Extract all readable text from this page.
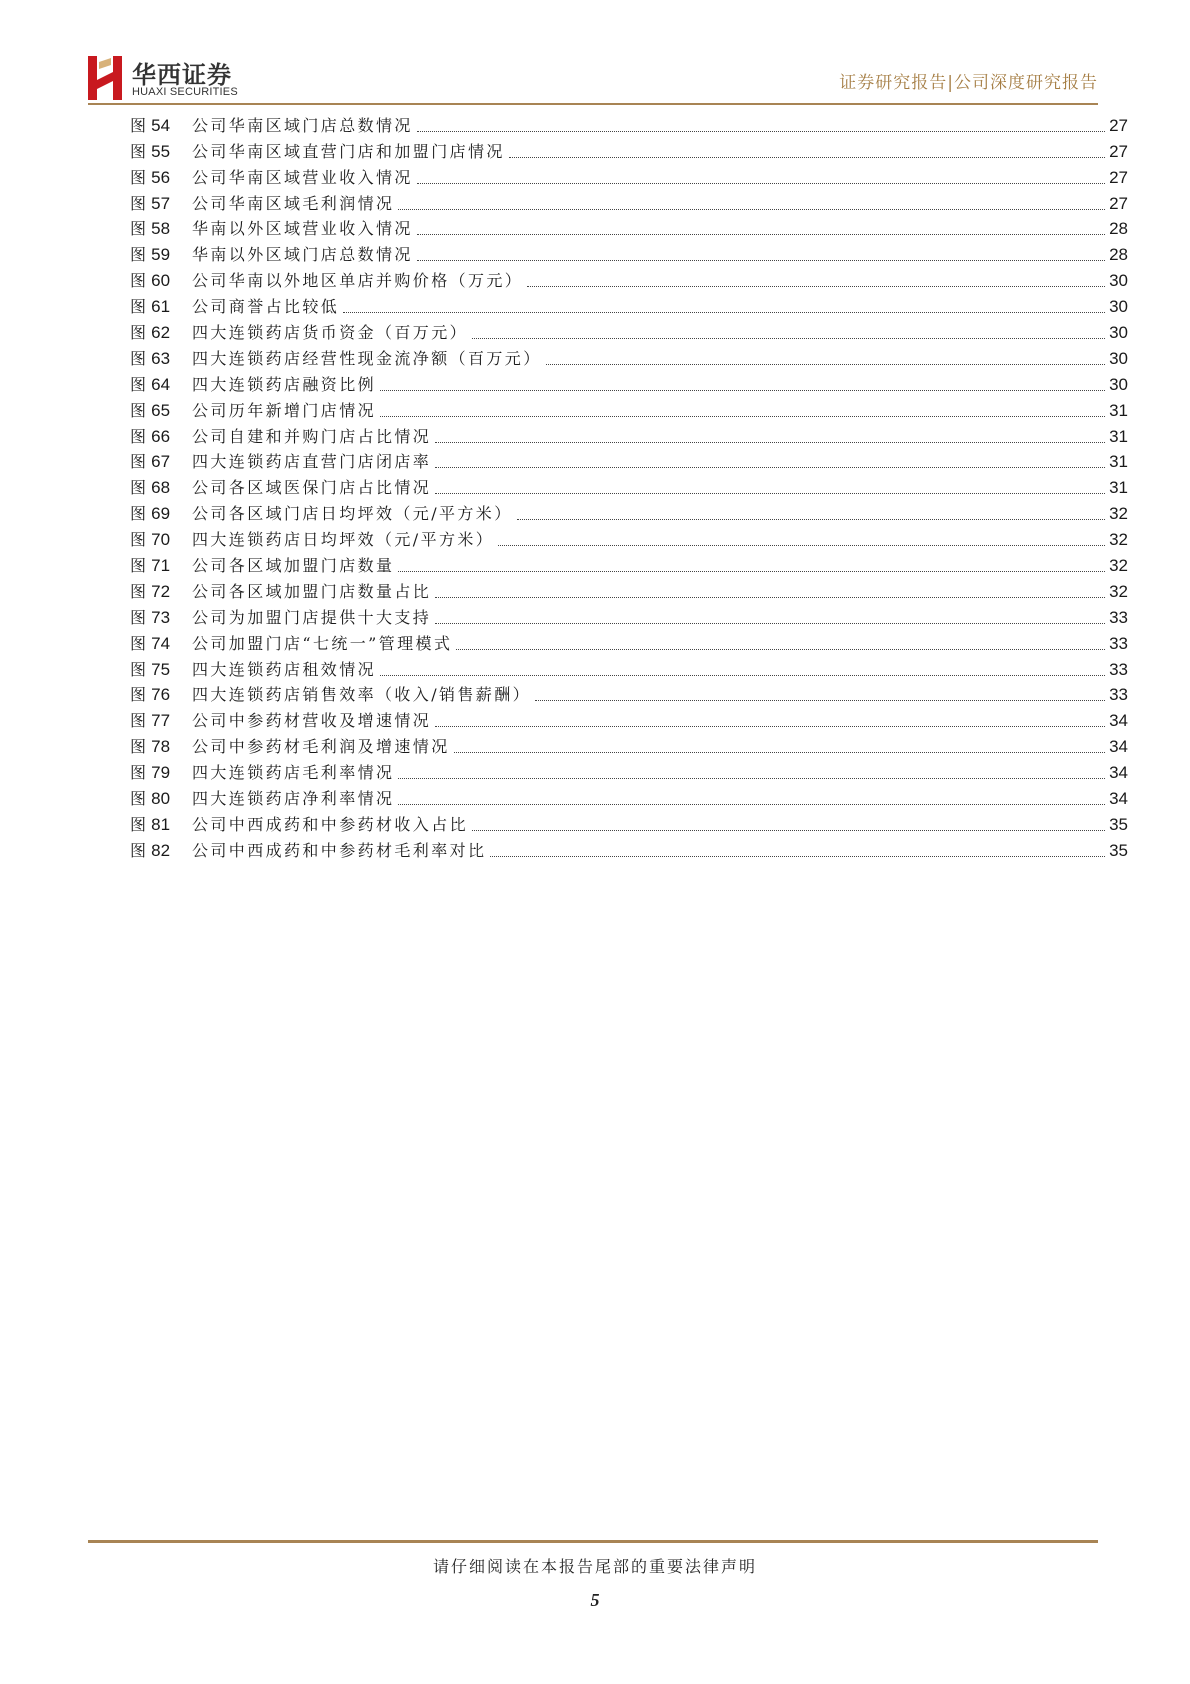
华西证券
HUAXI SECURITIES	证券研究报告|公司深度研究报告
图 54	公司华南区域门店总数情况	27
图 55	公司华南区域直营门店和加盟门店情况	27
图 56	公司华南区域营业收入情况	27
图 57	公司华南区域毛利润情况	27
图 58	华南以外区域营业收入情况	28
图 59	华南以外区域门店总数情况	28
图 60	公司华南以外地区单店并购价格（万元）	30
图 61	公司商誉占比较低	30
图 62	四大连锁药店货币资金（百万元）	30
图 63	四大连锁药店经营性现金流净额（百万元）	30
图 64	四大连锁药店融资比例	30
图 65	公司历年新增门店情况	31
图 66	公司自建和并购门店占比情况	31
图 67	四大连锁药店直营门店闭店率	31
图 68	公司各区域医保门店占比情况	31
图 69	公司各区域门店日均坪效（元/平方米）	32
图 70	四大连锁药店日均坪效（元/平方米）	32
图 71	公司各区域加盟门店数量	32
图 72	公司各区域加盟门店数量占比	32
图 73	公司为加盟门店提供十大支持	33
图 74	公司加盟门店“七统一”管理模式	33
图 75	四大连锁药店租效情况	33
图 76	四大连锁药店销售效率（收入/销售薪酬）	33
图 77	公司中参药材营收及增速情况	34
图 78	公司中参药材毛利润及增速情况	34
图 79	四大连锁药店毛利率情况	34
图 80	四大连锁药店净利率情况	34
图 81	公司中西成药和中参药材收入占比	35
图 82	公司中西成药和中参药材毛利率对比	35
请仔细阅读在本报告尾部的重要法律声明
5
